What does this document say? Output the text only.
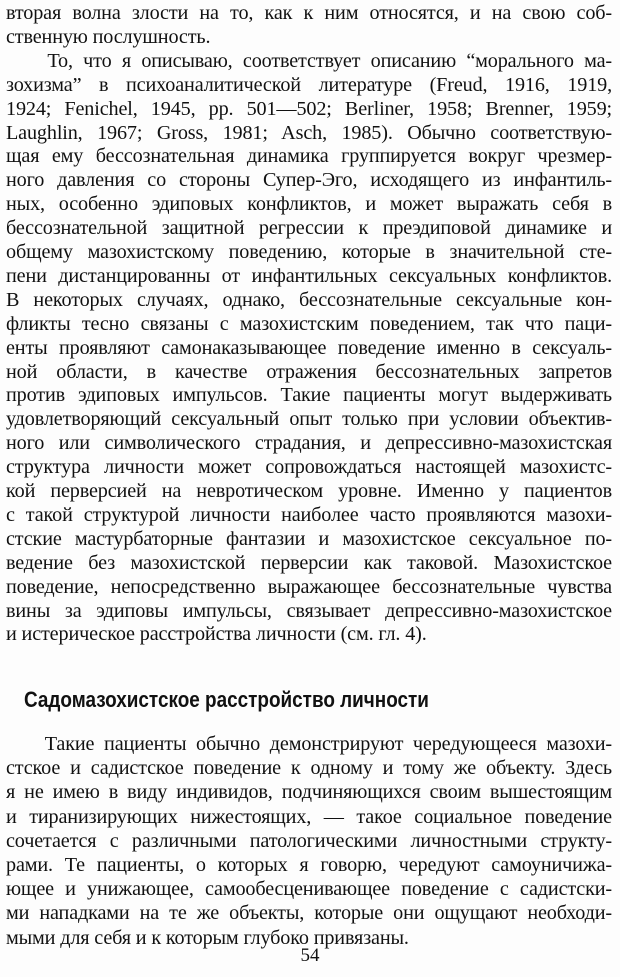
вторая волна злости на то, как к ним относятся, и на свою соб-
ственную послушность.
То, что я описываю, соответствует описанию “морального ма-
зохизма” в психоаналитической литературе (Freud, 1916, 1919,
1924; Fenichel, 1945, pp. 501—502; Berliner, 1958; Brenner, 1959;
Laughlin, 1967; Gross, 1981; Asch, 1985). Обычно соответствую-
щая ему бессознательная динамика группируется вокруг чрезмер-
ного давления со стороны Супер-Эго, исходящего из инфантиль-
ных, особенно эдиповых конфликтов, и может выражать себя в
бессознательной защитной регрессии к преэдиповой динамике и
общему мазохистскому поведению, которые в значительной сте-
пени дистанцированны от инфантильных сексуальных конфликтов.
В некоторых случаях, однако, бессознательные сексуальные кон-
фликты тесно связаны с мазохистским поведением, так что паци-
енты проявляют самонаказывающее поведение именно в сексуаль-
ной области, в качестве отражения бессознательных запретов
против эдиповых импульсов. Такие пациенты могут выдерживать
удовлетворяющий сексуальный опыт только при условии объектив-
ного или символического страдания, и депрессивно-мазохистская
структура личности может сопровождаться настоящей мазохистс-
кой перверсией на невротическом уровне. Именно у пациентов
с такой структурой личности наиболее часто проявляются мазохи-
стские мастурбаторные фантазии и мазохистское сексуальное по-
ведение без мазохистской перверсии как таковой. Мазохистское
поведение, непосредственно выражающее бессознательные чувства
вины за эдиповы импульсы, связывает депрессивно-мазохистское
и истерическое расстройства личности (см. гл. 4).
Садомазохистское расстройство личности
Такие пациенты обычно демонстрируют чередующееся мазохи-
стское и садистское поведение к одному и тому же объекту. Здесь
я не имею в виду индивидов, подчиняющихся своим вышестоящим
и тиранизирующих нижестоящих, — такое социальное поведение
сочетается с различными патологическими личностными структу-
рами. Те пациенты, о которых я говорю, чередуют самоуничижа-
ющее и унижающее, самообесценивающее поведение с садистски-
ми нападками на те же объекты, которые они ощущают необходи-
мыми для себя и к которым глубоко привязаны.
54
